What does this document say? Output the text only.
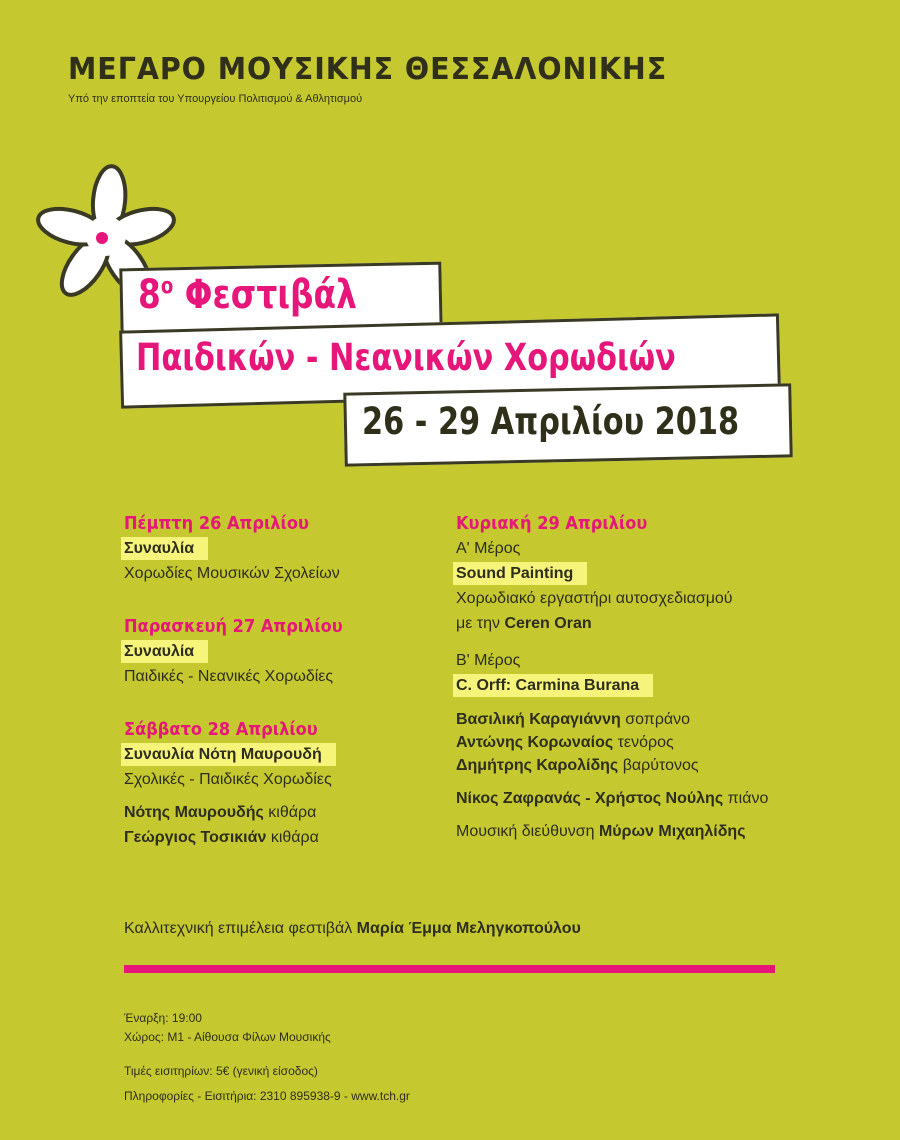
ΜΕΓΑΡΟ ΜΟΥΣΙΚΗΣ ΘΕΣΣΑΛΟΝΙΚΗΣ
Υπό την εποπτεία του Υπουργείου Πολιτισμού & Αθλητισμού
$8^o$ Φεστιβάλ
Παιδικών - Νεανικών Χορωδιών
26 - 29 Απριλίου 2018
Πέμπτη 26 Απριλίου
Συναυλία
Χορωδίες Μουσικών Σχολείων
Παρασκευή 27 Απριλίου
Συναυλία
Παιδικές - Νεανικές Χορωδίες
Σάββατο 28 Απριλίου
Συναυλία Νότη Μαυρουδή
Σχολικές - Παιδικές Χορωδίες
Νότης Μαυρουδής κιθάρα
Γεώργιος Τοσικιάν κιθάρα
Κυριακή 29 Απριλίου
Α' Μέρος
Sound Painting
Χορωδιακό εργαστήρι αυτοσχεδιασμού
με την Ceren Oran
Β' Μέρος
C. Orff: Carmina Burana
Βασιλική Καραγιάννη σοπράνο
Αντώνης Κορωναίος τενόρος
Δημήτρης Καρολίδης βαρύτονος
Νίκος Ζαφρανάς - Χρήστος Νούλης πιάνο
Μουσική διεύθυνση Μύρων Μιχαηλίδης
Καλλιτεχνική επιμέλεια φεστιβάλ Μαρία Έμμα Μεληγκοπούλου
Έναρξη: 19:00
Χώρος: Μ1 - Αίθουσα Φίλων Μουσικής
Τιμές εισιτηρίων: 5€ (γενική είσοδος)
Πληροφορίες - Εισιτήρια: 2310 895938-9 - www.tch.gr
